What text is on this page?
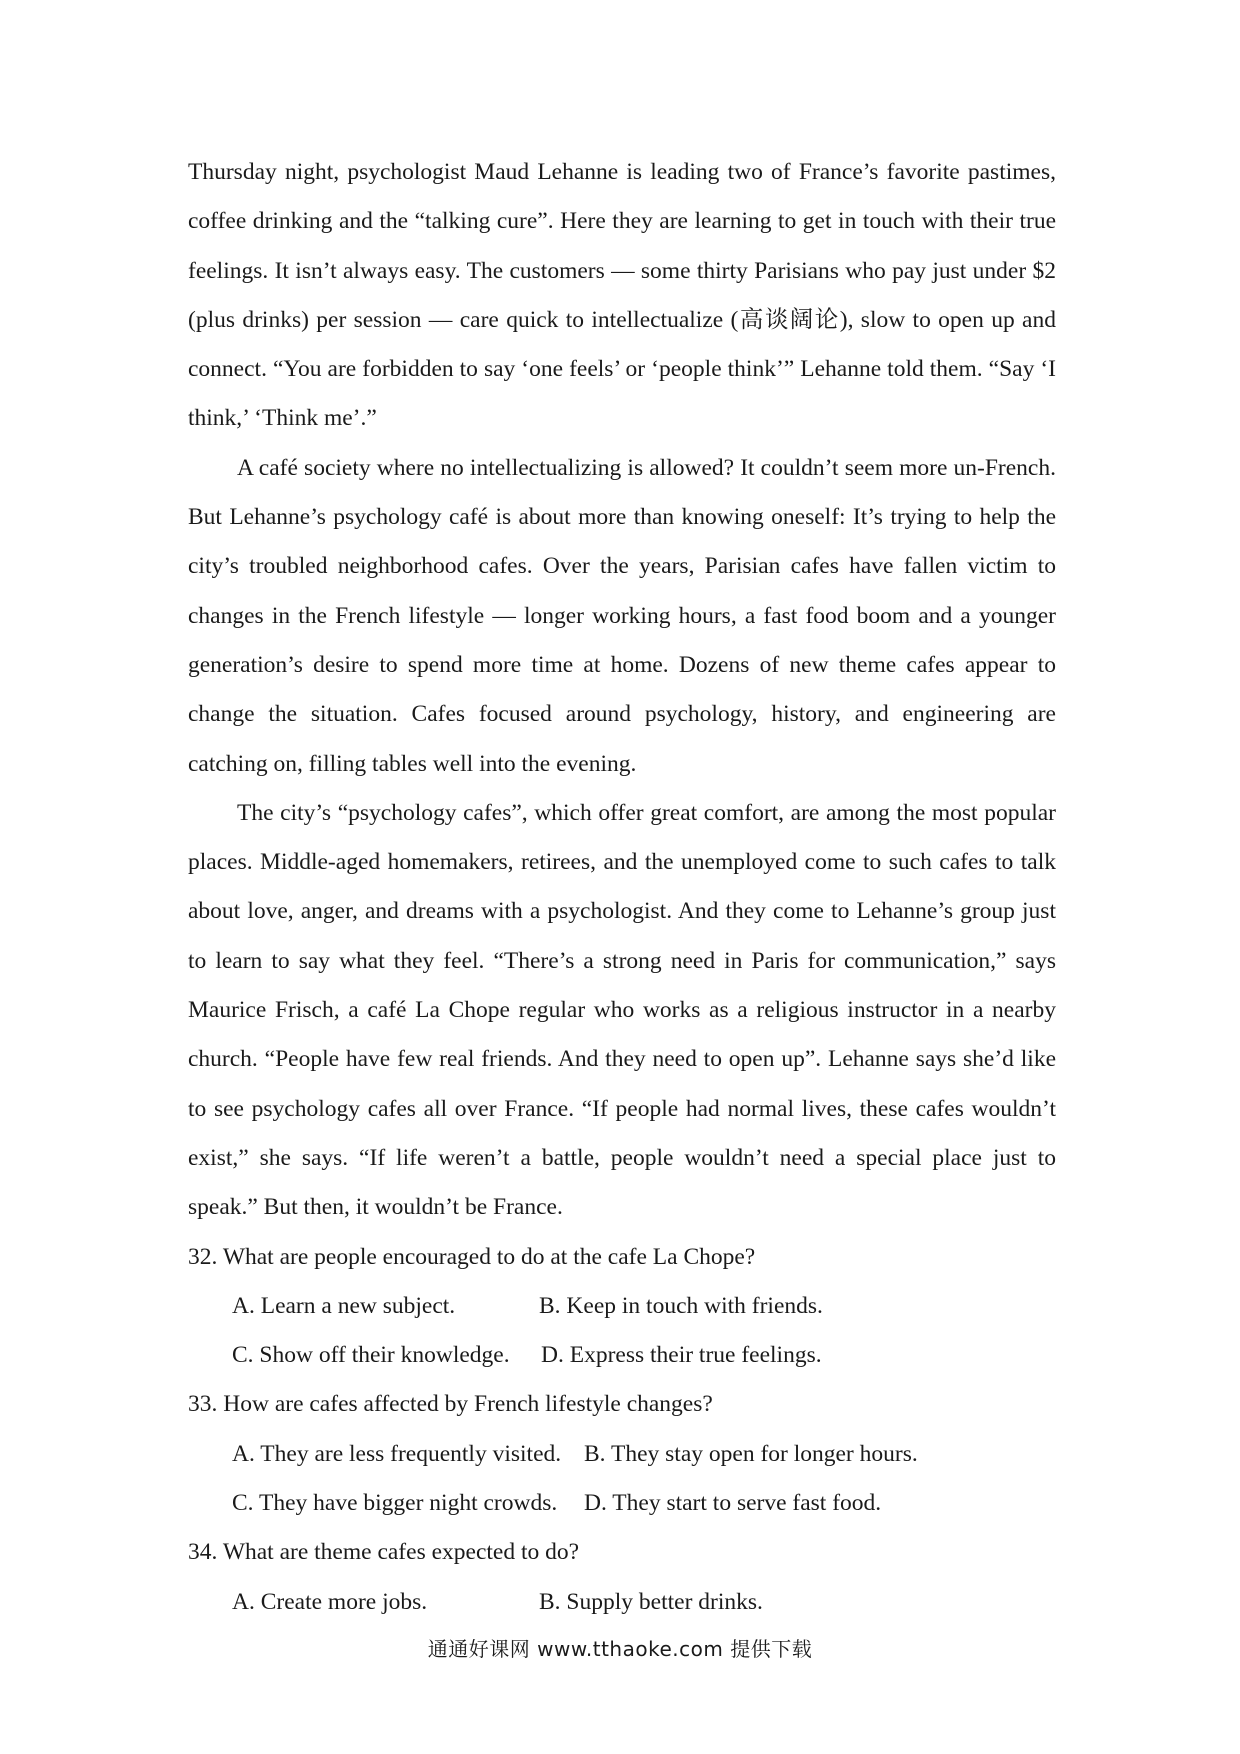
Thursday night, psychologist Maud Lehanne is leading two of France’s favorite pastimes, coffee drinking and the “talking cure”. Here they are learning to get in touch with their true feelings. It isn’t always easy. The customers — some thirty Parisians who pay just under $2 (plus drinks) per session — care quick to intellectualize (高谈阔论), slow to open up and connect. “You are forbidden to say ‘one feels’ or ‘people think’” Lehanne told them. “Say ‘I think,’ ‘Think me’.”

A café society where no intellectualizing is allowed? It couldn’t seem more un-French. But Lehanne’s psychology café is about more than knowing oneself: It’s trying to help the city’s troubled neighborhood cafes. Over the years, Parisian cafes have fallen victim to changes in the French lifestyle — longer working hours, a fast food boom and a younger generation’s desire to spend more time at home. Dozens of new theme cafes appear to change the situation. Cafes focused around psychology, history, and engineering are catching on, filling tables well into the evening.

The city’s “psychology cafes”, which offer great comfort, are among the most popular places. Middle-aged homemakers, retirees, and the unemployed come to such cafes to talk about love, anger, and dreams with a psychologist. And they come to Lehanne’s group just to learn to say what they feel. “There’s a strong need in Paris for communication,” says Maurice Frisch, a café La Chope regular who works as a religious instructor in a nearby church. “People have few real friends. And they need to open up”. Lehanne says she’d like to see psychology cafes all over France. “If people had normal lives, these cafes wouldn’t exist,” she says. “If life weren’t a battle, people wouldn’t need a special place just to speak.” But then, it wouldn’t be France.

32. What are people encouraged to do at the cafe La Chope?

A. Learn a new subject.	B. Keep in touch with friends.
C. Show off their knowledge.	D. Express their true feelings.

33. How are cafes affected by French lifestyle changes?

A. They are less frequently visited. B. They stay open for longer hours.
C. They have bigger night crowds.	D. They start to serve fast food.

34. What are theme cafes expected to do?

A. Create more jobs.	B. Supply better drinks.
通通好课网 www.tthaoke.com 提供下载
